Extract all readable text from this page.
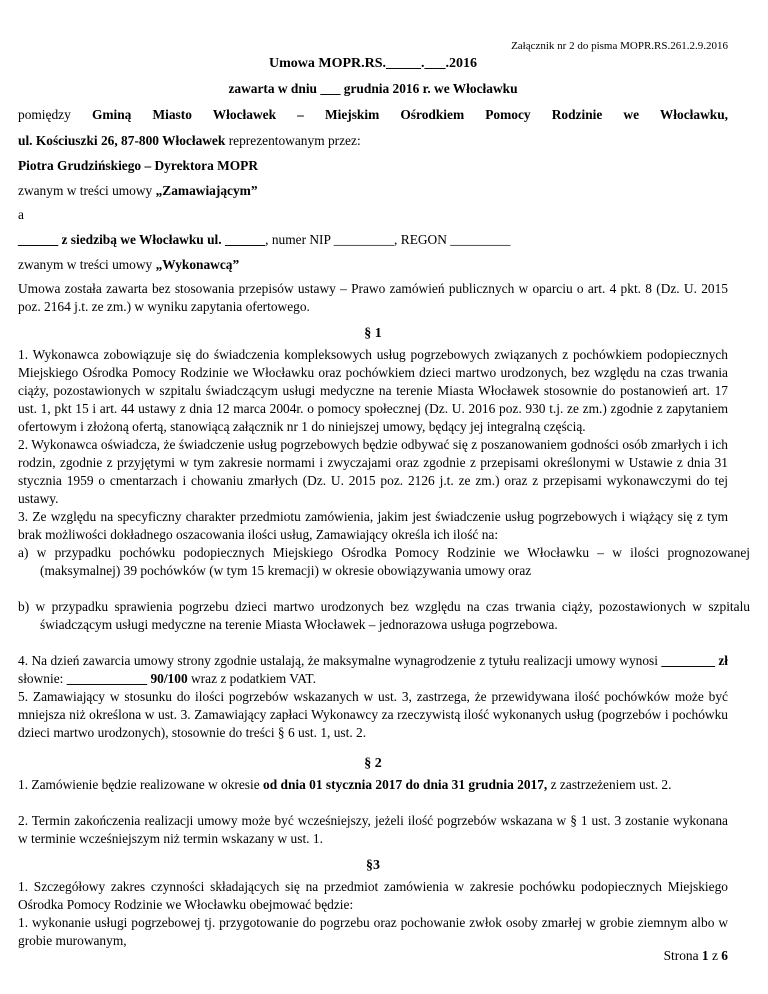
Załącznik nr 2 do pisma MOPR.RS.261.2.9.2016

Umowa MOPR.RS._____.___.2016

zawarta w dniu ___ grudnia 2016 r. we Włocławku

pomiędzy Gminą Miasto Włocławek – Miejskim Ośrodkiem Pomocy Rodzinie we Włocławku,

ul. Kościuszki 26, 87-800 Włocławek reprezentowanym przez:

Piotra Grudzińskiego – Dyrektora MOPR

zwanym w treści umowy „Zamawiającym”

a

______ z siedzibą we Włocławku ul. ______, numer NIP _________, REGON _________

zwanym w treści umowy „Wykonawcą”

Umowa została zawarta bez stosowania przepisów ustawy – Prawo zamówień publicznych w oparciu o art. 4 pkt. 8 (Dz. U. 2015 poz. 2164 j.t. ze zm.) w wyniku zapytania ofertowego.

§ 1

1. Wykonawca zobowiązuje się do świadczenia kompleksowych usług pogrzebowych związanych z pochówkiem podopiecznych Miejskiego Ośrodka Pomocy Rodzinie we Włocławku oraz pochówkiem dzieci martwo urodzonych, bez względu na czas trwania ciąży, pozostawionych w szpitalu świadczącym usługi medyczne na terenie Miasta Włocławek stosownie do postanowień art. 17 ust. 1, pkt 15 i art. 44 ustawy z dnia 12 marca 2004r. o pomocy społecznej (Dz. U. 2016 poz. 930 t.j. ze zm.) zgodnie z zapytaniem ofertowym i złożoną ofertą, stanowiącą załącznik nr 1 do niniejszej umowy, będący jej integralną częścią.

2. Wykonawca oświadcza, że świadczenie usług pogrzebowych będzie odbywać się z poszanowaniem godności osób zmarłych i ich rodzin, zgodnie z przyjętymi w tym zakresie normami i zwyczajami oraz zgodnie z przepisami określonymi w Ustawie z dnia 31 stycznia 1959 o cmentarzach i chowaniu zmarłych (Dz. U. 2015 poz. 2126 j.t. ze zm.) oraz z przepisami wykonawczymi do tej ustawy.

3. Ze względu na specyficzny charakter przedmiotu zamówienia, jakim jest świadczenie usług pogrzebowych i wiążący się z tym brak możliwości dokładnego oszacowania ilości usług, Zamawiający określa ich ilość na:

a) w przypadku pochówku podopiecznych Miejskiego Ośrodka Pomocy Rodzinie we Włocławku – w ilości prognozowanej (maksymalnej) 39 pochówków (w tym 15 kremacji) w okresie obowiązywania umowy oraz

b) w przypadku sprawienia pogrzebu dzieci martwo urodzonych bez względu na czas trwania ciąży, pozostawionych w szpitalu świadczącym usługi medyczne na terenie Miasta Włocławek – jednorazowa usługa pogrzebowa.

4. Na dzień zawarcia umowy strony zgodnie ustalają, że maksymalne wynagrodzenie z tytułu realizacji umowy wynosi ________ zł słownie: ____________ 90/100 wraz z podatkiem VAT.

5. Zamawiający w stosunku do ilości pogrzebów wskazanych w ust. 3, zastrzega, że przewidywana ilość pochówków może być mniejsza niż określona w ust. 3. Zamawiający zapłaci Wykonawcy za rzeczywistą ilość wykonanych usług (pogrzebów i pochówku dzieci martwo urodzonych), stosownie do treści § 6 ust. 1, ust. 2.

§ 2

1. Zamówienie będzie realizowane w okresie od dnia 01 stycznia 2017 do dnia 31 grudnia 2017, z zastrzeżeniem ust. 2.

2. Termin zakończenia realizacji umowy może być wcześniejszy, jeżeli ilość pogrzebów wskazana w § 1 ust. 3 zostanie wykonana w terminie wcześniejszym niż termin wskazany w ust. 1.

§3

1. Szczegółowy zakres czynności składających się na przedmiot zamówienia w zakresie pochówku podopiecznych Miejskiego Ośrodka Pomocy Rodzinie we Włocławku obejmować będzie:

1. wykonanie usługi pogrzebowej tj. przygotowanie do pogrzebu oraz pochowanie zwłok osoby zmarłej w grobie ziemnym albo w grobie murowanym,

Strona 1 z 6
